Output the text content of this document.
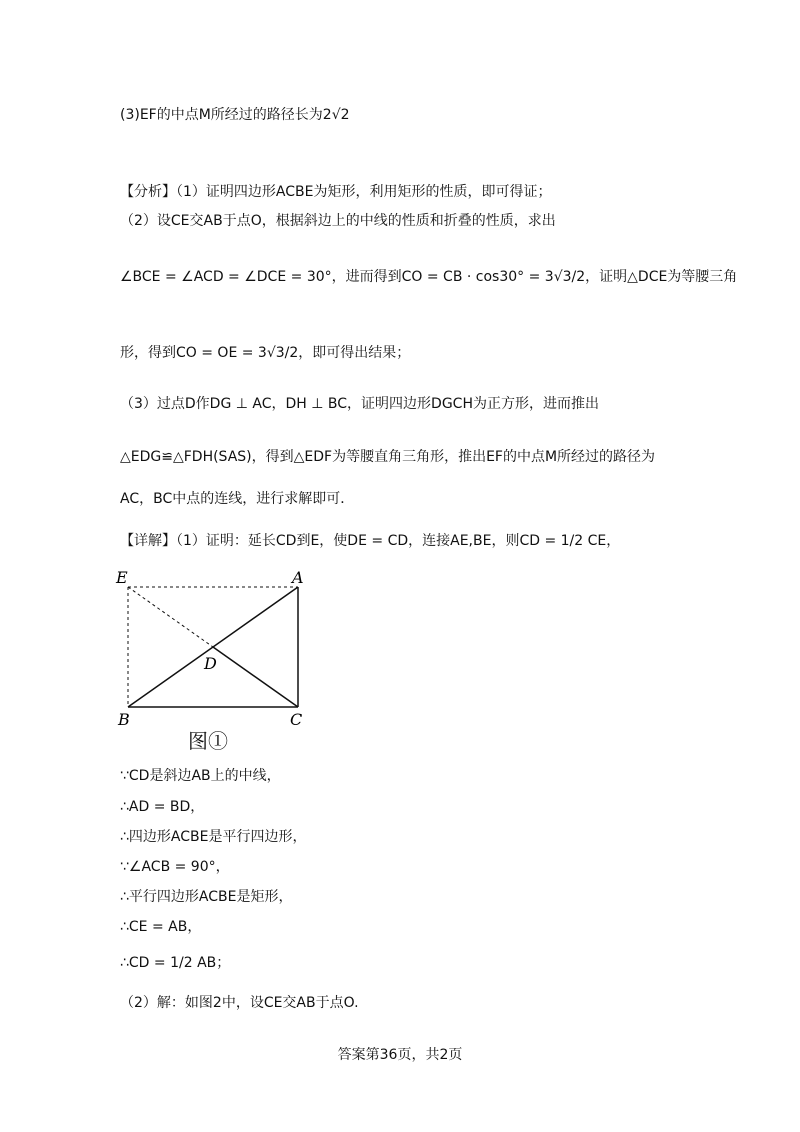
(3)EF的中点M所经过的路径长为2√2
【分析】（1）证明四边形ACBE为矩形，利用矩形的性质，即可得证；
（2）设CE交AB于点O，根据斜边上的中线的性质和折叠的性质，求出
∠BCE = ∠ACD = ∠DCE = 30°，进而得到CO = CB · cos30° = 3√3/2，证明△DCE为等腰三角
形，得到CO = OE = 3√3/2，即可得出结果；
（3）过点D作DG ⊥ AC，DH ⊥ BC，证明四边形DGCH为正方形，进而推出
△EDG≌△FDH(SAS)，得到△EDF为等腰直角三角形，推出EF的中点M所经过的路径为
AC，BC中点的连线，进行求解即可．
【详解】（1）证明：延长CD到E，使DE = CD，连接AE,BE，则CD = 1/2 CE，
E	A
D
B	C
图①
∵CD是斜边AB上的中线，
∴AD = BD，
∴四边形ACBE是平行四边形，
∵∠ACB = 90°，
∴平行四边形ACBE是矩形，
∴CE = AB，
∴CD = 1/2 AB；
（2）解：如图2中，设CE交AB于点O.
答案第36页，共2页
